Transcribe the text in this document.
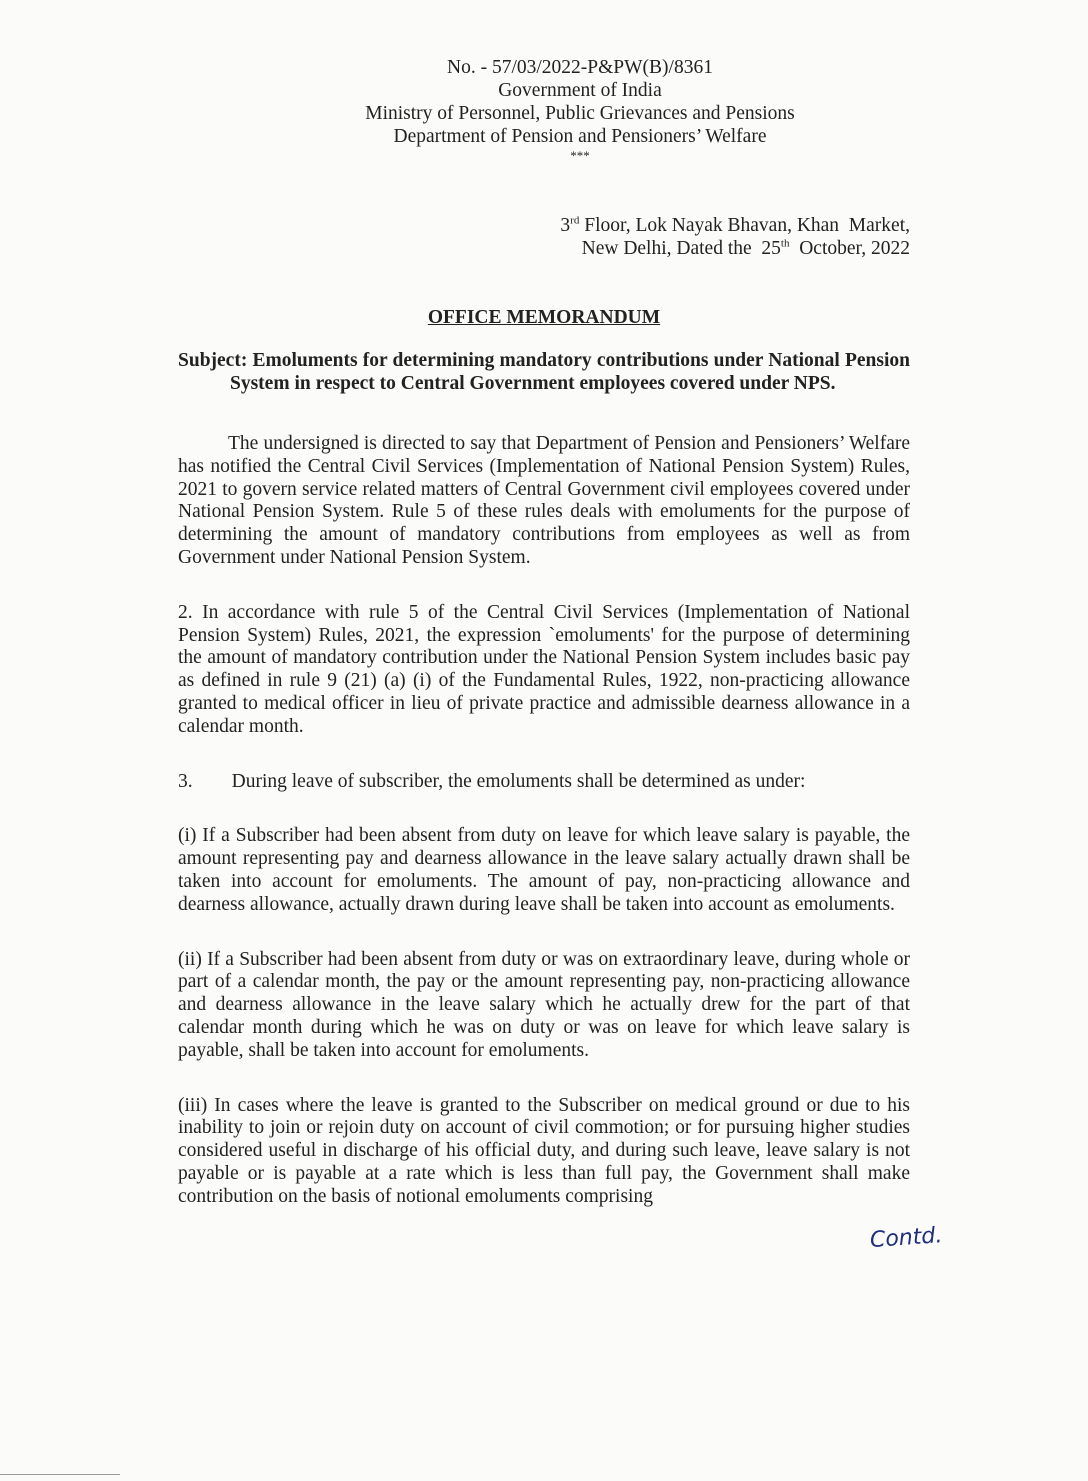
No. - 57/03/2022-P&PW(B)/8361
Government of India
Ministry of Personnel, Public Grievances and Pensions
Department of Pension and Pensioners’ Welfare
***
3rd Floor, Lok Nayak Bhavan, Khan  Market,
New Delhi, Dated the  25th  October, 2022
OFFICE MEMORANDUM
Subject: Emoluments for determining mandatory contributions under National Pension System in respect to Central Government employees covered under NPS.
The undersigned is directed to say that Department of Pension and Pensioners’ Welfare has notified the Central Civil Services (Implementation of National Pension System) Rules, 2021 to govern service related matters of Central Government civil employees covered under National Pension System. Rule 5 of these rules deals with emoluments for the purpose of determining the amount of mandatory contributions from employees as well as from Government under National Pension System.
2. In accordance with rule 5 of the Central Civil Services (Implementation of National Pension System) Rules, 2021, the expression `emoluments' for the purpose of determining the amount of mandatory contribution under the National Pension System includes basic pay as defined in rule 9 (21) (a) (i) of the Fundamental Rules, 1922, non-practicing allowance granted to medical officer in lieu of private practice and admissible dearness allowance in a calendar month.
3.        During leave of subscriber, the emoluments shall be determined as under:
(i) If a Subscriber had been absent from duty on leave for which leave salary is payable, the amount representing pay and dearness allowance in the leave salary actually drawn shall be taken into account for emoluments. The amount of pay, non-practicing allowance and dearness allowance, actually drawn during leave shall be taken into account as emoluments.
(ii) If a Subscriber had been absent from duty or was on extraordinary leave, during whole or part of a calendar month, the pay or the amount representing pay, non-practicing allowance and dearness allowance in the leave salary which he actually drew for the part of that calendar month during which he was on duty or was on leave for which leave salary is payable, shall be taken into account for emoluments.
(iii) In cases where the leave is granted to the Subscriber on medical ground or due to his inability to join or rejoin duty on account of civil commotion; or for pursuing higher studies considered useful in discharge of his official duty, and during such leave, leave salary is not payable or is payable at a rate which is less than full pay, the Government shall make contribution on the basis of notional emoluments comprising
Contd.
